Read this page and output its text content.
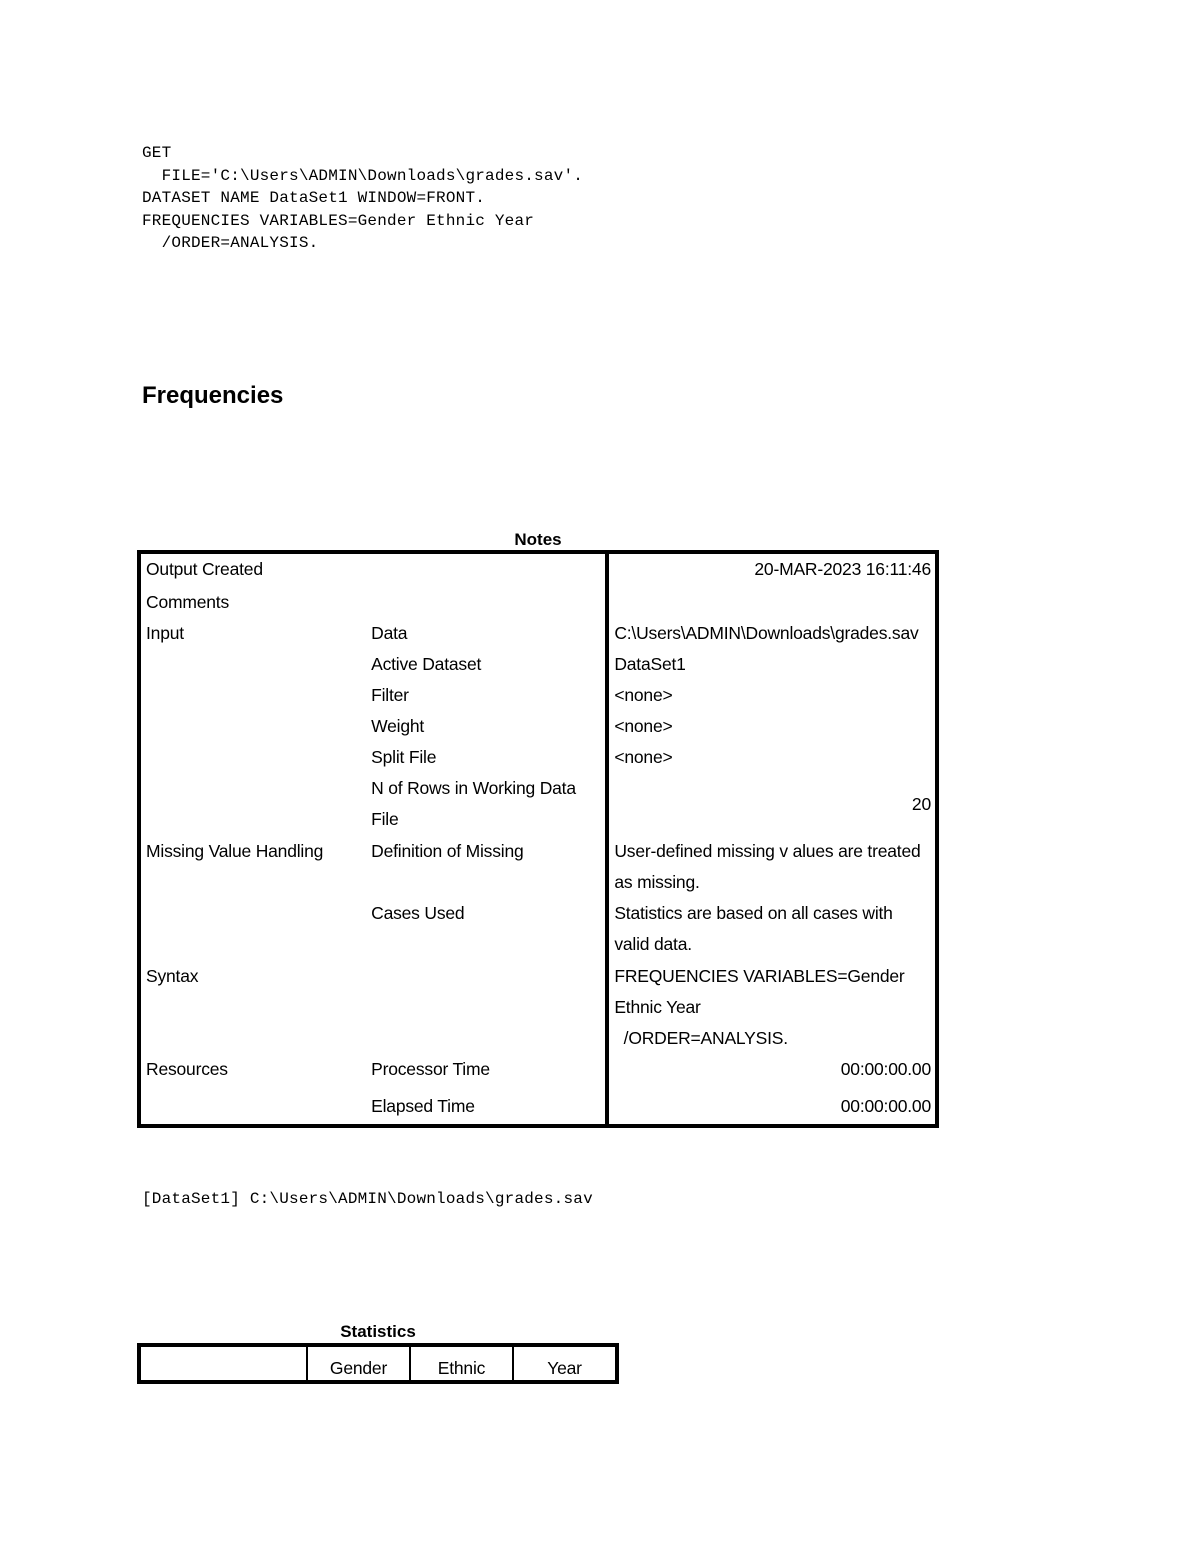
GET
FILE='C:\Users\ADMIN\Downloads\grades.sav'.
DATASET NAME DataSet1 WINDOW=FRONT.
FREQUENCIES VARIABLES=Gender Ethnic Year
/ORDER=ANALYSIS.
Frequencies
Notes
Output Created		20-MAR-2023 16:11:46
Comments		
Input	Data	C:\Users\ADMIN\Downloads\grades.sav
	Active Dataset	DataSet1
	Filter	<none>
	Weight	<none>
	Split File	<none>
	N of Rows in Working Data
File	20
Missing Value Handling	Definition of Missing	User-defined missing v alues are treated
as missing.
	Cases Used	Statistics are based on all cases with
valid data.
Syntax		FREQUENCIES VARIABLES=Gender
Ethnic Year
/ORDER=ANALYSIS.
Resources	Processor Time	00:00:00.00
	Elapsed Time	00:00:00.00
[DataSet1] C:\Users\ADMIN\Downloads\grades.sav
Statistics
	Gender	Ethnic	Year
